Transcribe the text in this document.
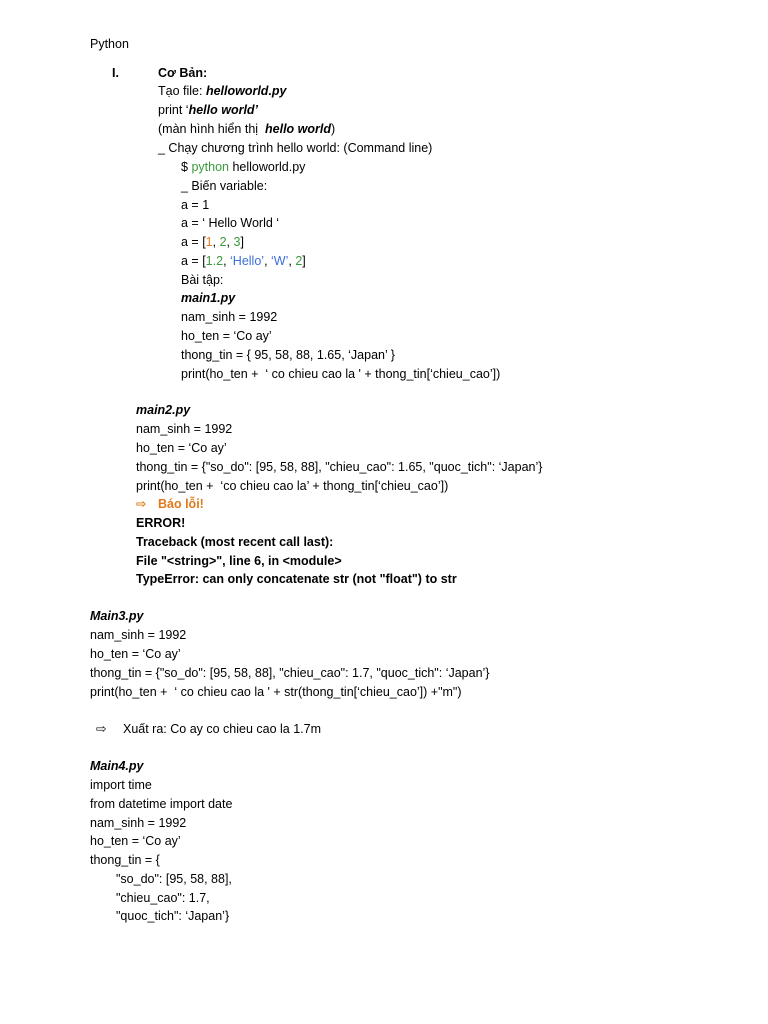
Python
I.	Cơ Bản:
Tạo file: helloworld.py
print ‘hello world’
(màn hình hiển thị  hello world)
_ Chạy chương trình hello world: (Command line)
$ python helloworld.py
_ Biến variable:
a = 1
a = ‘ Hello World ‘
a = [1, 2, 3]
a = [1.2, ‘Hello’, ‘W’, 2]
Bài tập:
main1.py
nam_sinh = 1992
ho_ten = ‘Co ay’
thong_tin = { 95, 58, 88, 1.65, ‘Japan’ }
print(ho_ten +  ‘ co chieu cao la ' + thong_tin[‘chieu_cao’])
main2.py
nam_sinh = 1992
ho_ten = ‘Co ay’
thong_tin = {"so_do": [95, 58, 88], "chieu_cao": 1.65, "quoc_tich": ‘Japan’}
print(ho_ten +  ‘co chieu cao la’ + thong_tin[‘chieu_cao’])
⇨ Báo lỗi!
ERROR!
Traceback (most recent call last):
File "<string>", line 6, in <module>
TypeError: can only concatenate str (not "float") to str
Main3.py
nam_sinh = 1992
ho_ten = ‘Co ay’
thong_tin = {"so_do": [95, 58, 88], "chieu_cao": 1.7, "quoc_tich": ‘Japan’}
print(ho_ten +  ‘ co chieu cao la ' + str(thong_tin[‘chieu_cao’]) +"m")
⇨ Xuất ra: Co ay co chieu cao la 1.7m
Main4.py
import time
from datetime import date
nam_sinh = 1992
ho_ten = ‘Co ay’
thong_tin = {
"so_do": [95, 58, 88],
"chieu_cao": 1.7,
"quoc_tich": ‘Japan’}
